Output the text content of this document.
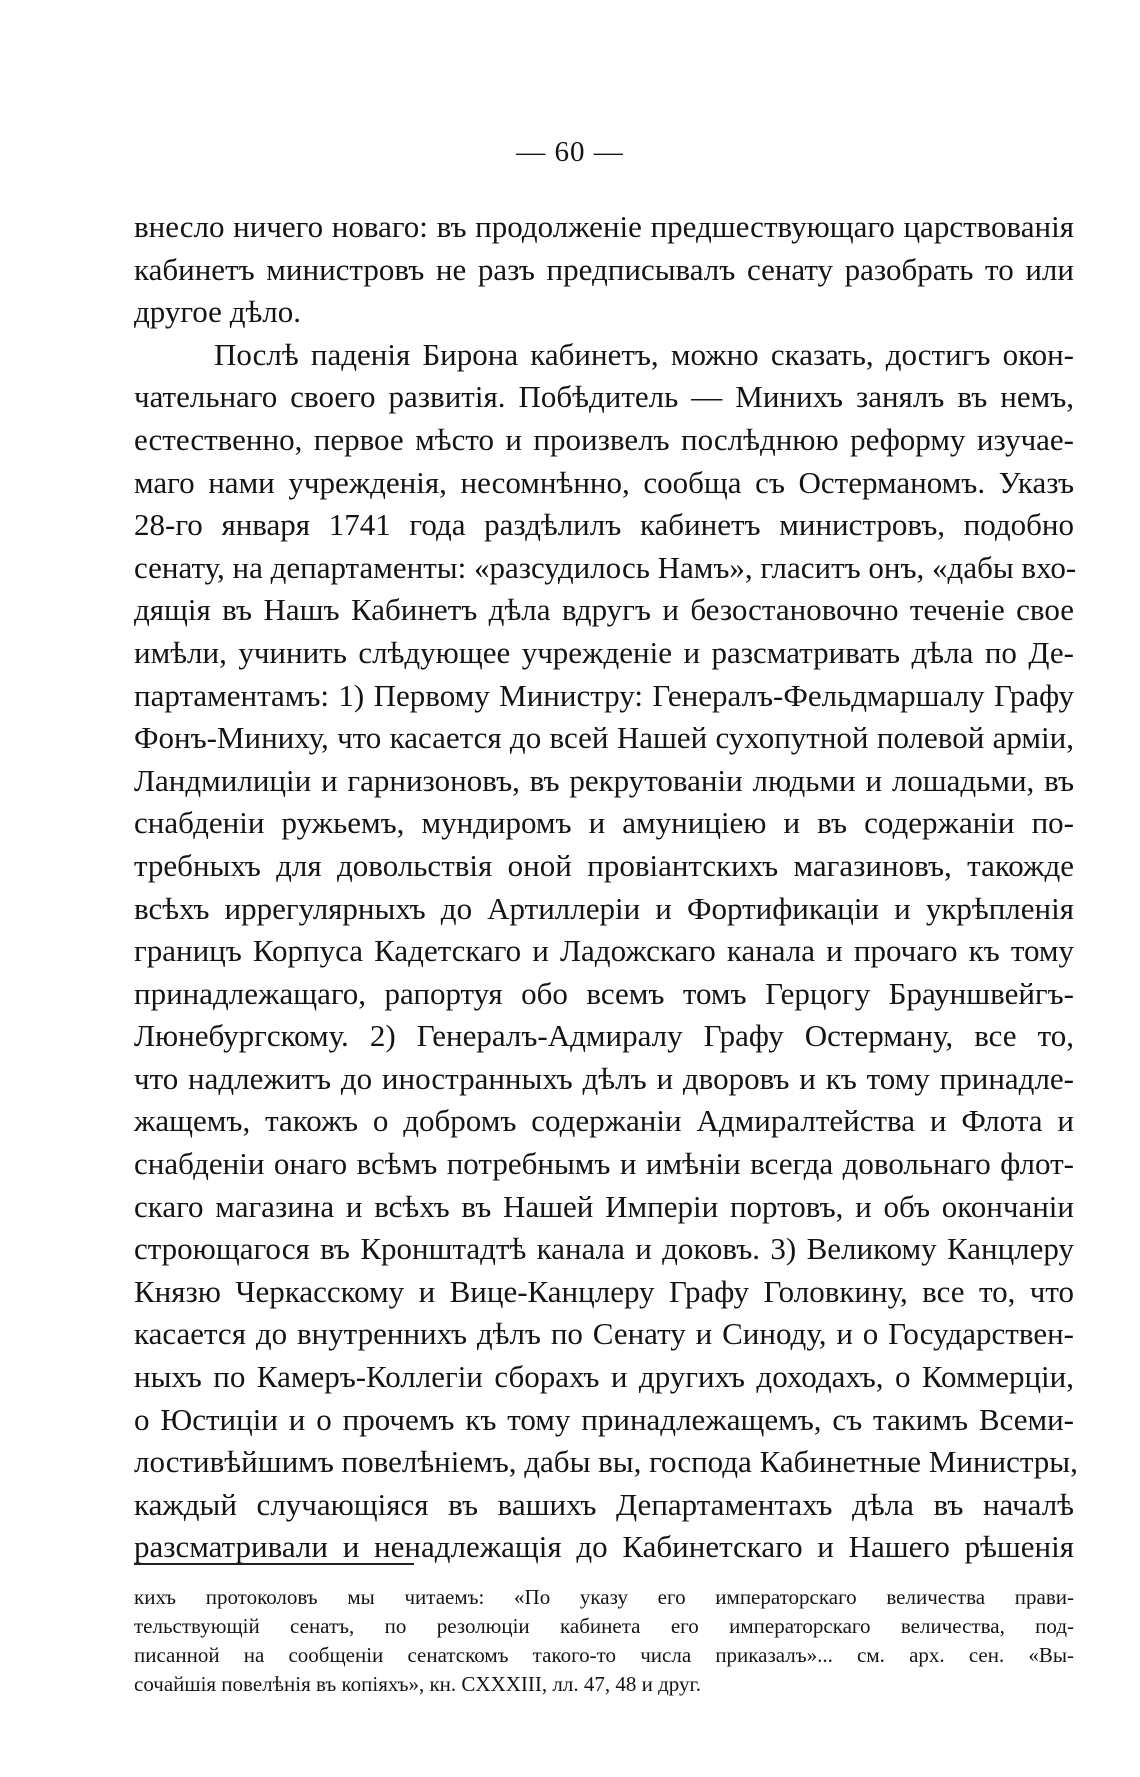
— 60 —
внесло ничего новаго: въ продолженіе предшествующаго царствованія
кабинетъ министровъ не разъ предписывалъ сенату разобрать то или
другое дѣло.
Послѣ паденія Бирона кабинетъ, можно сказать, достигъ окон-
чательнаго своего развитія. Побѣдитель — Минихъ занялъ въ немъ,
естественно, первое мѣсто и произвелъ послѣднюю реформу изучае-
маго нами учрежденія, несомнѣнно, сообща съ Остерманомъ. Указъ
28-го января 1741 года раздѣлилъ кабинетъ министровъ, подобно
сенату, на департаменты: «разсудилось Намъ», гласитъ онъ, «дабы вхо-
дящія въ Нашъ Кабинетъ дѣла вдругъ и безостановочно теченіе свое
имѣли, учинить слѣдующее учрежденіе и разсматривать дѣла по Де-
партаментамъ: 1) Первому Министру: Генералъ-Фельдмаршалу Графу
Фонъ-Миниху, что касается до всей Нашей сухопутной полевой арміи,
Ландмилиціи и гарнизоновъ, въ рекрутованіи людьми и лошадьми, въ
снабденіи ружьемъ, мундиромъ и амуниціею и въ содержаніи по-
требныхъ для довольствія оной провіантскихъ магазиновъ, такожде
всѣхъ иррегулярныхъ до Артиллеріи и Фортификаціи и укрѣпленія
границъ Корпуса Кадетскаго и Ладожскаго канала и прочаго къ тому
принадлежащаго, рапортуя обо всемъ томъ Герцогу Брауншвейгъ-
Люнебургскому. 2) Генералъ-Адмиралу Графу Остерману, все то,
что надлежитъ до иностранныхъ дѣлъ и дворовъ и къ тому принадле-
жащемъ, такожъ о добромъ содержаніи Адмиралтейства и Флота и
снабденіи онаго всѣмъ потребнымъ и имѣніи всегда довольнаго флот-
скаго магазина и всѣхъ въ Нашей Имперіи портовъ, и объ окончаніи
строющагося въ Кронштадтѣ канала и доковъ. 3) Великому Канцлеру
Князю Черкасскому и Вице-Канцлеру Графу Головкину, все то, что
касается до внутреннихъ дѣлъ по Сенату и Синоду, и о Государствен-
ныхъ по Камеръ-Коллегіи сборахъ и другихъ доходахъ, о Коммерціи,
о Юстиціи и о прочемъ къ тому принадлежащемъ, съ такимъ Всеми-
лостивѣйшимъ повелѣніемъ, дабы вы, господа Кабинетные Министры,
каждый случающіяся въ вашихъ Департаментахъ дѣла въ началѣ
разсматривали и ненадлежащія до Кабинетскаго и Нашего рѣшенія
кихъ протоколовъ мы читаемъ: «По указу его императорскаго величества прави-
тельствующій сенатъ, по резолюціи кабинета его императорскаго величества, под-
писанной на сообщеніи сенатскомъ такого-то числа приказалъ»... см. арх. сен. «Вы-
сочайшія повелѣнія въ копіяхъ», кн. CXXXIII, лл. 47, 48 и друг.
